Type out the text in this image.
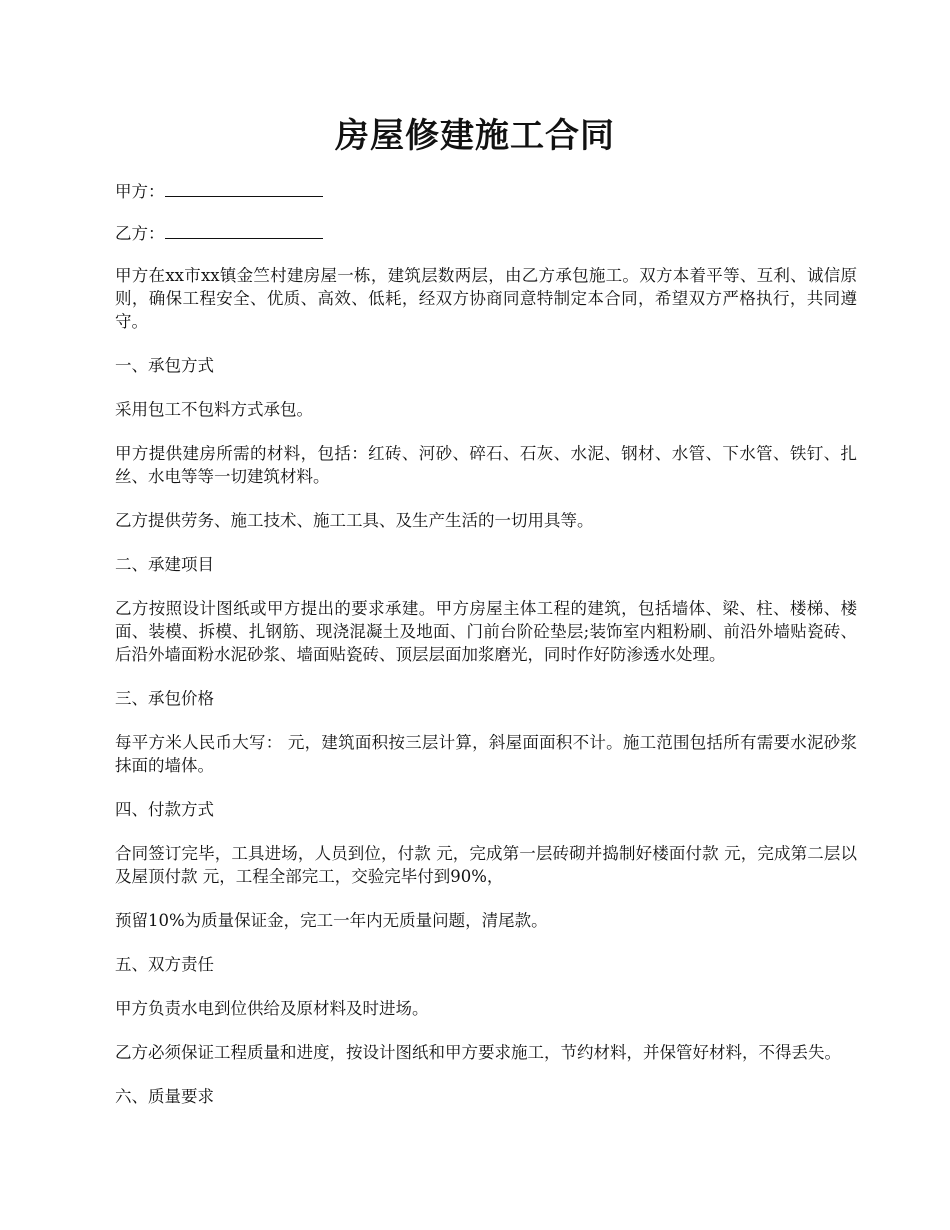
房屋修建施工合同

甲方：

乙方：

甲方在xx市xx镇金竺村建房屋一栋，建筑层数两层，由乙方承包施工。双方本着平等、互利、诚信原则，确保工程安全、优质、高效、低耗，经双方协商同意特制定本合同，希望双方严格执行，共同遵守。

一、承包方式

采用包工不包料方式承包。

甲方提供建房所需的材料，包括：红砖、河砂、碎石、石灰、水泥、钢材、水管、下水管、铁钉、扎丝、水电等等一切建筑材料。

乙方提供劳务、施工技术、施工工具、及生产生活的一切用具等。

二、承建项目

乙方按照设计图纸或甲方提出的要求承建。甲方房屋主体工程的建筑，包括墙体、梁、柱、楼梯、楼面、装模、拆模、扎钢筋、现浇混凝土及地面、门前台阶砼垫层;装饰室内粗粉刷、前沿外墙贴瓷砖、后沿外墙面粉水泥砂浆、墙面贴瓷砖、顶层层面加浆磨光，同时作好防渗透水处理。

三、承包价格

每平方米人民币大写： 元，建筑面积按三层计算，斜屋面面积不计。施工范围包括所有需要水泥砂浆抹面的墙体。

四、付款方式

合同签订完毕，工具进场，人员到位，付款 元，完成第一层砖砌并捣制好楼面付款 元，完成第二层以及屋顶付款 元，工程全部完工，交验完毕付到90%，

预留10%为质量保证金，完工一年内无质量问题，清尾款。

五、双方责任

甲方负责水电到位供给及原材料及时进场。

乙方必须保证工程质量和进度，按设计图纸和甲方要求施工，节约材料，并保管好材料，不得丢失。

六、质量要求
